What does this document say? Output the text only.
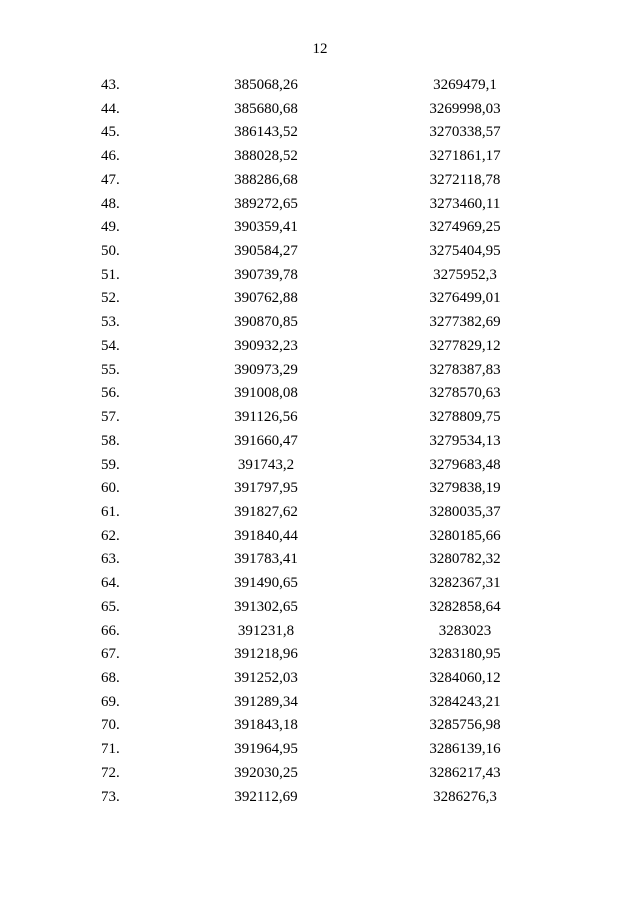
12
43.	385068,26	3269479,1
44.	385680,68	3269998,03
45.	386143,52	3270338,57
46.	388028,52	3271861,17
47.	388286,68	3272118,78
48.	389272,65	3273460,11
49.	390359,41	3274969,25
50.	390584,27	3275404,95
51.	390739,78	3275952,3
52.	390762,88	3276499,01
53.	390870,85	3277382,69
54.	390932,23	3277829,12
55.	390973,29	3278387,83
56.	391008,08	3278570,63
57.	391126,56	3278809,75
58.	391660,47	3279534,13
59.	391743,2	3279683,48
60.	391797,95	3279838,19
61.	391827,62	3280035,37
62.	391840,44	3280185,66
63.	391783,41	3280782,32
64.	391490,65	3282367,31
65.	391302,65	3282858,64
66.	391231,8	3283023
67.	391218,96	3283180,95
68.	391252,03	3284060,12
69.	391289,34	3284243,21
70.	391843,18	3285756,98
71.	391964,95	3286139,16
72.	392030,25	3286217,43
73.	392112,69	3286276,3
